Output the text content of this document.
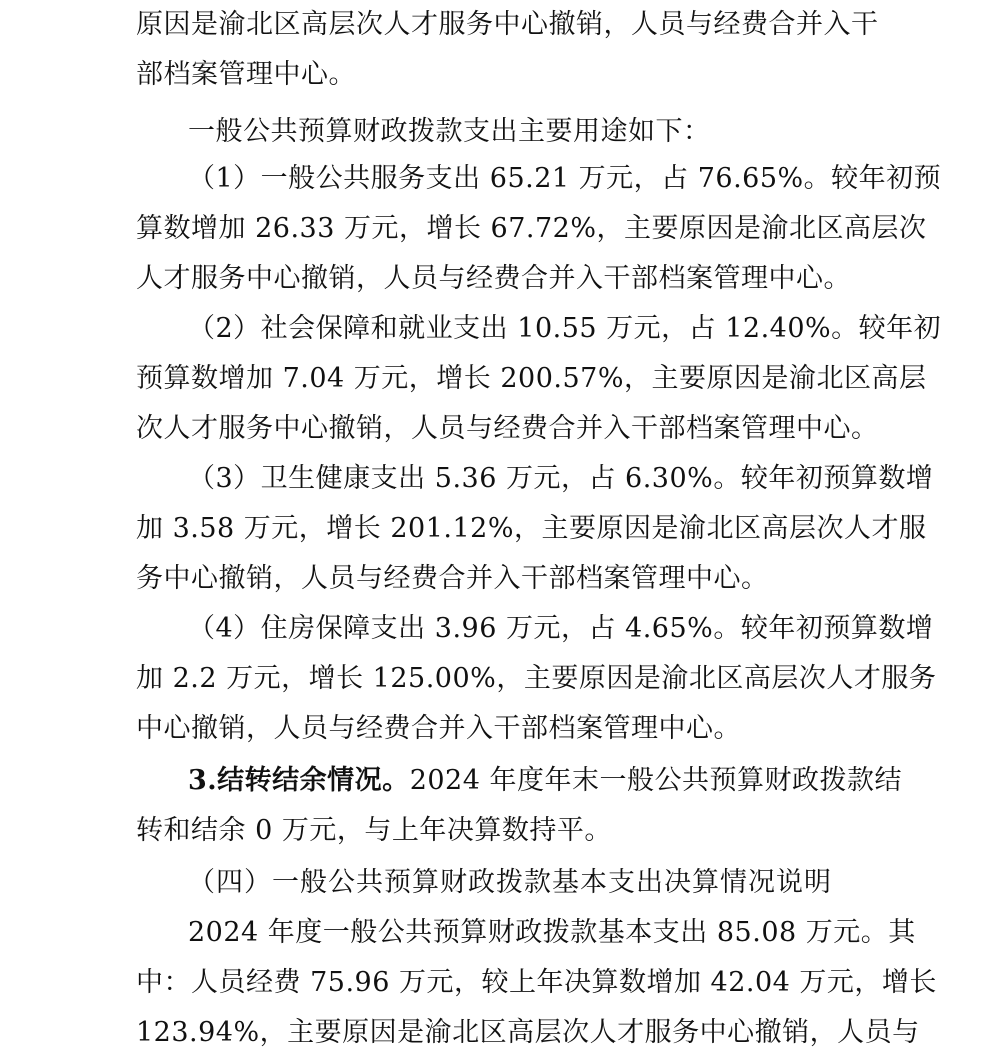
原因是渝北区高层次人才服务中心撤销，人员与经费合并入干
部档案管理中心。
一般公共预算财政拨款支出主要用途如下：
（1）一般公共服务支出 65.21 万元，占 76.65%。较年初预
算数增加 26.33 万元，增长 67.72%，主要原因是渝北区高层次
人才服务中心撤销，人员与经费合并入干部档案管理中心。
（2）社会保障和就业支出 10.55 万元，占 12.40%。较年初
预算数增加 7.04 万元，增长 200.57%，主要原因是渝北区高层
次人才服务中心撤销，人员与经费合并入干部档案管理中心。
（3）卫生健康支出 5.36 万元，占 6.30%。较年初预算数增
加 3.58 万元，增长 201.12%，主要原因是渝北区高层次人才服
务中心撤销，人员与经费合并入干部档案管理中心。
（4）住房保障支出 3.96 万元，占 4.65%。较年初预算数增
加 2.2 万元，增长 125.00%，主要原因是渝北区高层次人才服务
中心撤销，人员与经费合并入干部档案管理中心。
3.结转结余情况。 2024 年度年末一般公共预算财政拨款结
转和结余 0 万元，与上年决算数持平。
（四）一般公共预算财政拨款基本支出决算情况说明
2024 年度一般公共预算财政拨款基本支出 85.08 万元。其
中：人员经费 75.96 万元，较上年决算数增加 42.04 万元，增长
123.94%，主要原因是渝北区高层次人才服务中心撤销，人员与
